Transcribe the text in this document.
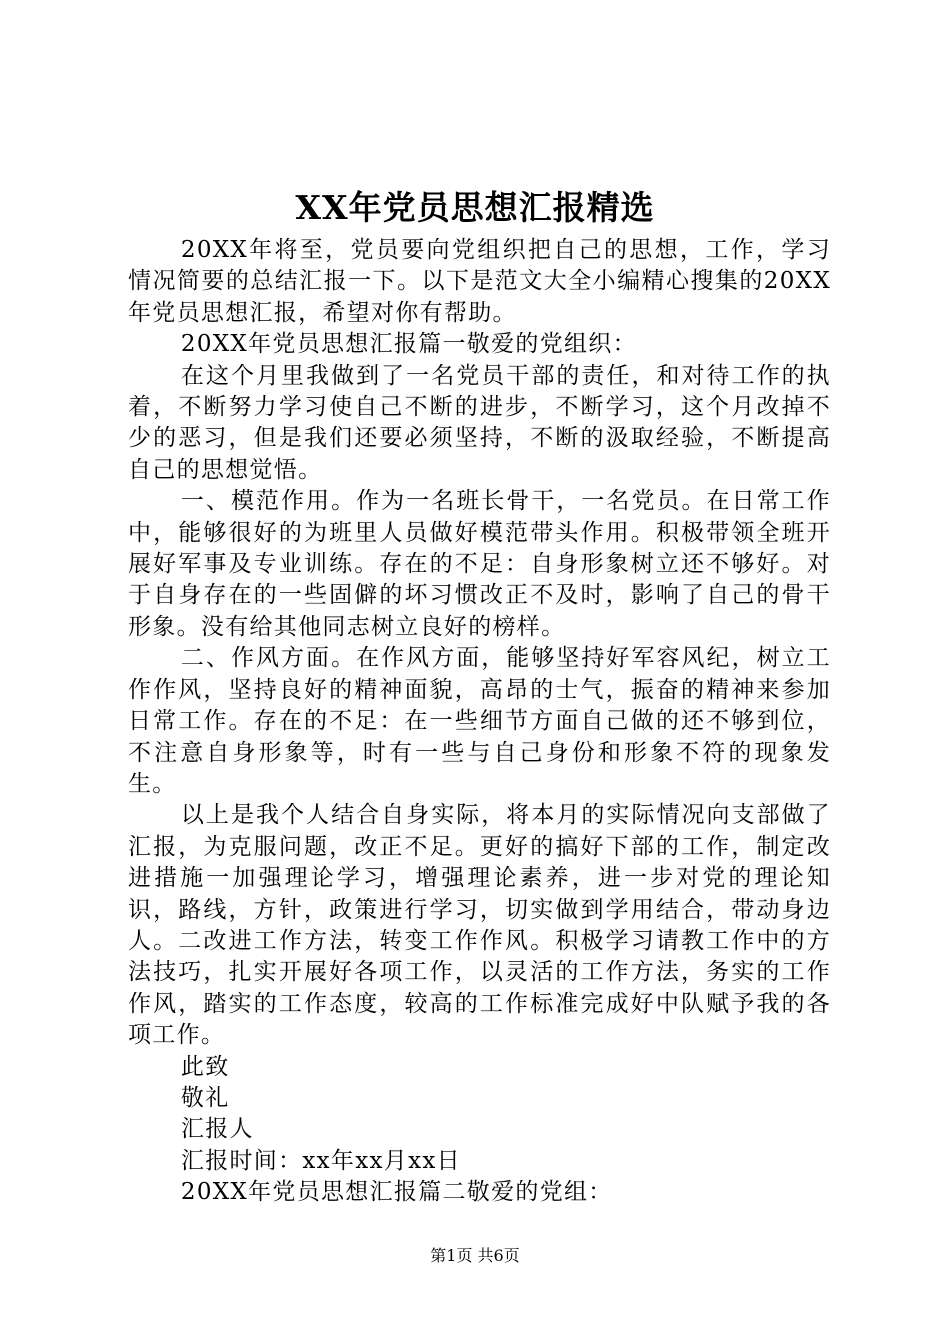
XX年党员思想汇报精选

20XX年将至，党员要向党组织把自己的思想，工作，学习情况简要的总结汇报一下。以下是范文大全小编精心搜集的20XX年党员思想汇报，希望对你有帮助。

20XX年党员思想汇报篇一敬爱的党组织：

在这个月里我做到了一名党员干部的责任，和对待工作的执着，不断努力学习使自己不断的进步，不断学习，这个月改掉不少的恶习，但是我们还要必须坚持，不断的汲取经验，不断提高自己的思想觉悟。

一、模范作用。作为一名班长骨干，一名党员。在日常工作中，能够很好的为班里人员做好模范带头作用。积极带领全班开展好军事及专业训练。存在的不足：自身形象树立还不够好。对于自身存在的一些固僻的坏习惯改正不及时，影响了自己的骨干形象。没有给其他同志树立良好的榜样。

二、作风方面。在作风方面，能够坚持好军容风纪，树立工作作风，坚持良好的精神面貌，高昂的士气，振奋的精神来参加日常工作。存在的不足：在一些细节方面自己做的还不够到位，不注意自身形象等，时有一些与自己身份和形象不符的现象发生。

以上是我个人结合自身实际，将本月的实际情况向支部做了汇报，为克服问题，改正不足。更好的搞好下部的工作，制定改进措施一加强理论学习，增强理论素养，进一步对党的理论知识，路线，方针，政策进行学习，切实做到学用结合，带动身边人。二改进工作方法，转变工作作风。积极学习请教工作中的方法技巧，扎实开展好各项工作，以灵活的工作方法，务实的工作作风，踏实的工作态度，较高的工作标准完成好中队赋予我的各项工作。

此致

敬礼

汇报人

汇报时间：xx年xx月xx日

20XX年党员思想汇报篇二敬爱的党组：

第1页 共6页
